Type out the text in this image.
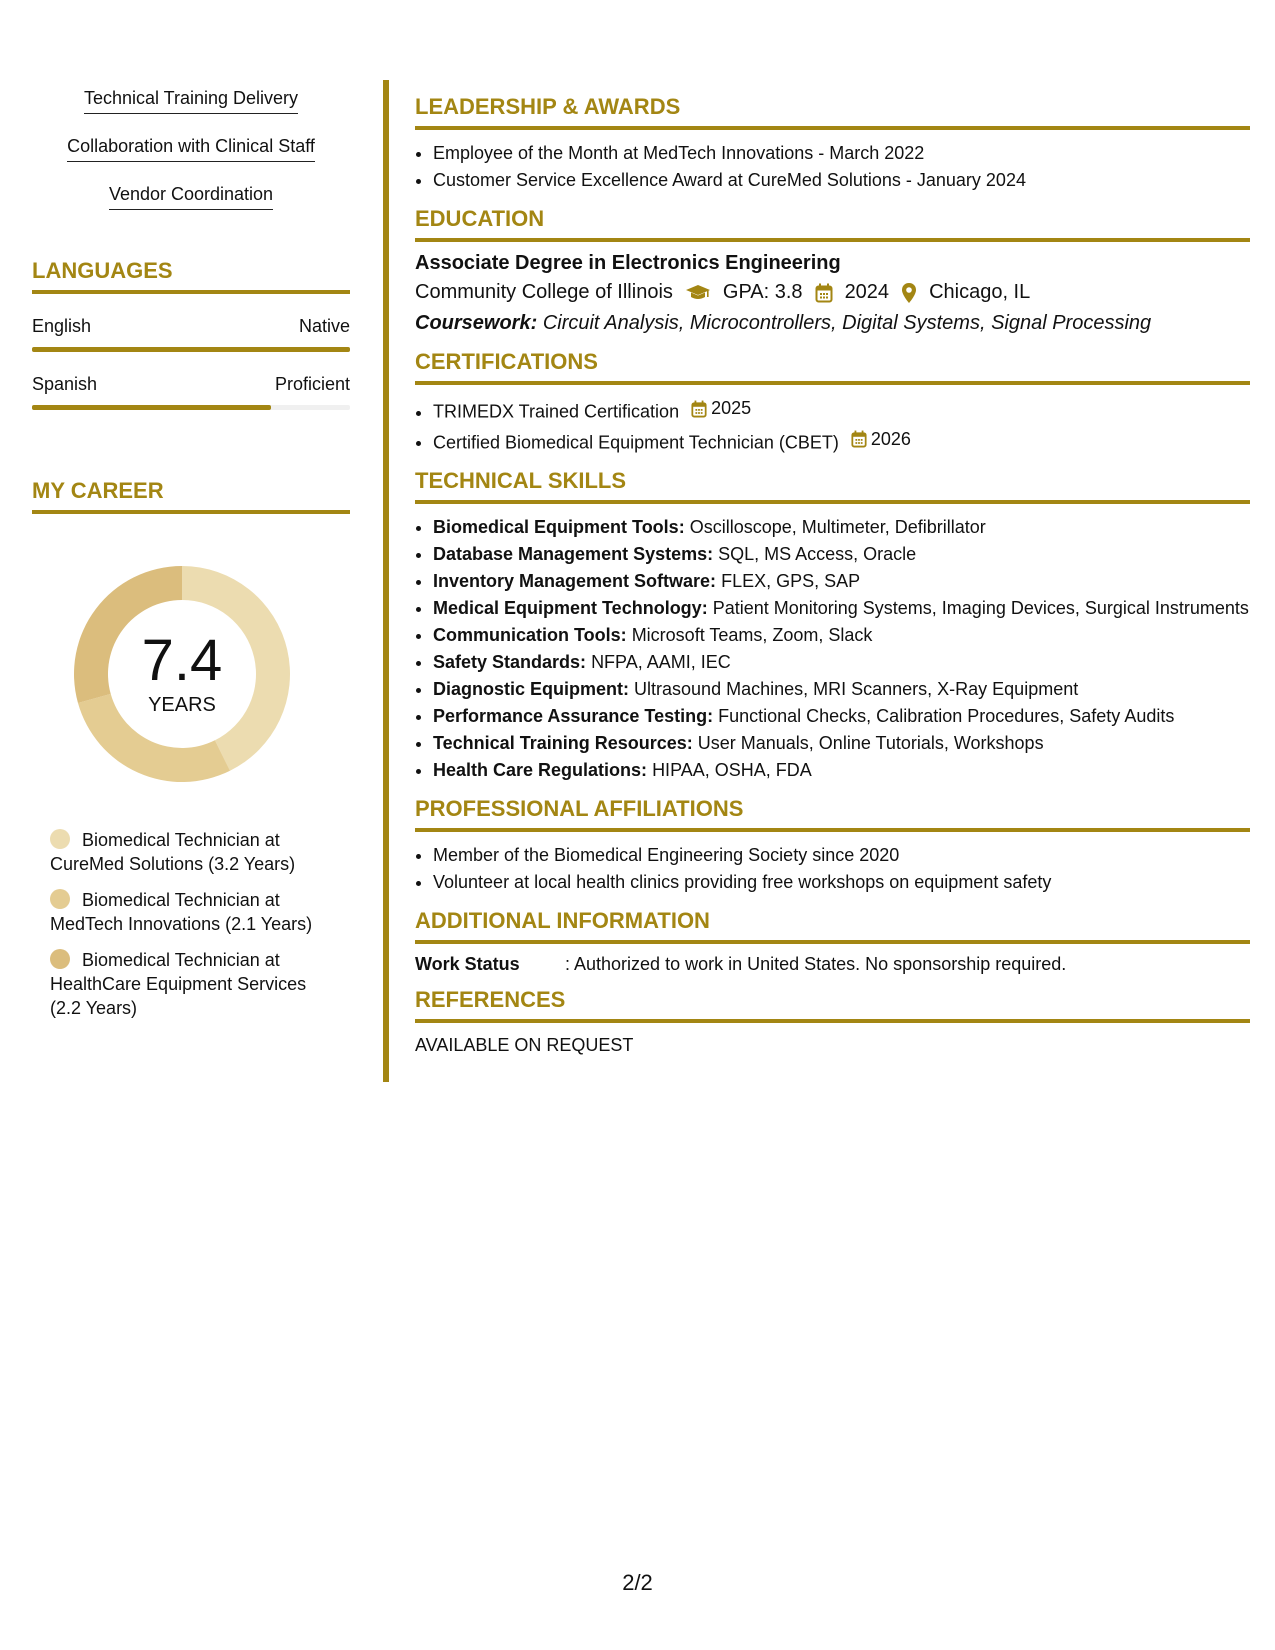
Technical Training Delivery
Collaboration with Clinical Staff
Vendor Coordination
LANGUAGES
English	Native
Spanish	Proficient
MY CAREER
7.4
YEARS
Biomedical Technician at CureMed Solutions (3.2 Years)
Biomedical Technician at MedTech Innovations (2.1 Years)
Biomedical Technician at HealthCare Equipment Services (2.2 Years)
LEADERSHIP & AWARDS
• Employee of the Month at MedTech Innovations - March 2022
• Customer Service Excellence Award at CureMed Solutions - January 2024
EDUCATION
Associate Degree in Electronics Engineering
Community College of Illinois	GPA: 3.8 2024 Chicago, IL
Coursework: Circuit Analysis, Microcontrollers, Digital Systems, Signal Processing
CERTIFICATIONS
• TRIMEDX Trained Certification 2025
• Certified Biomedical Equipment Technician (CBET) 2026
TECHNICAL SKILLS
• Biomedical Equipment Tools: Oscilloscope, Multimeter, Defibrillator
• Database Management Systems: SQL, MS Access, Oracle
• Inventory Management Software: FLEX, GPS, SAP
• Medical Equipment Technology: Patient Monitoring Systems, Imaging Devices, Surgical Instruments
• Communication Tools: Microsoft Teams, Zoom, Slack
• Safety Standards: NFPA, AAMI, IEC
• Diagnostic Equipment: Ultrasound Machines, MRI Scanners, X-Ray Equipment
• Performance Assurance Testing: Functional Checks, Calibration Procedures, Safety Audits
• Technical Training Resources: User Manuals, Online Tutorials, Workshops
• Health Care Regulations: HIPAA, OSHA, FDA
PROFESSIONAL AFFILIATIONS
• Member of the Biomedical Engineering Society since 2020
• Volunteer at local health clinics providing free workshops on equipment safety
ADDITIONAL INFORMATION
Work Status	: Authorized to work in United States. No sponsorship required.
REFERENCES
AVAILABLE ON REQUEST
2/2
